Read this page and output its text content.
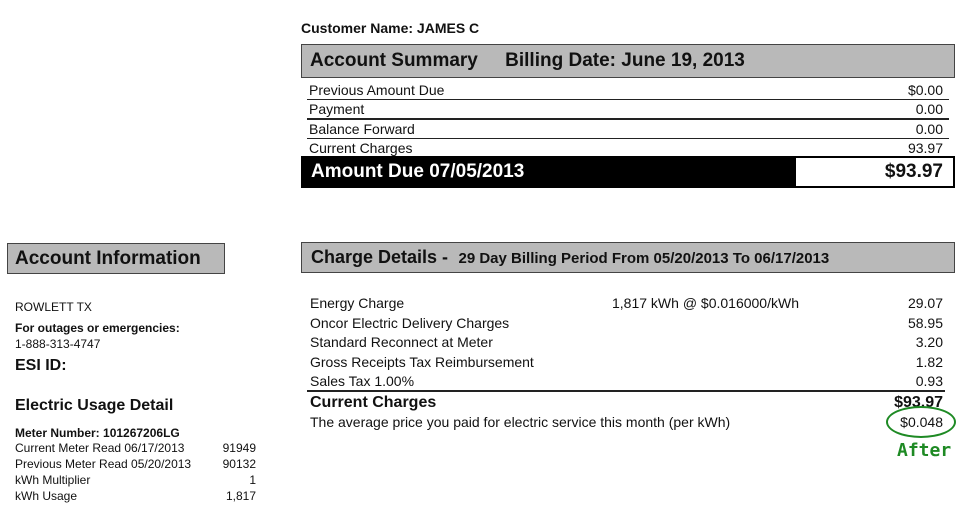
Customer Name: JAMES C
Account Summary Billing Date: June 19, 2013
Previous Amount Due	$0.00
Payment	0.00
Balance Forward	0.00
Current Charges	93.97
Amount Due 07/05/2013	$93.97
Account Information
ROWLETT TX
For outages or emergencies:
1-888-313-4747
ESI ID:
Electric Usage Detail
Meter Number: 101267206LG
Current Meter Read 06/17/2013	91949
Previous Meter Read 05/20/2013	90132
kWh Multiplier	1
kWh Usage	1,817
Charge Details - 29 Day Billing Period From 05/20/2013 To 06/17/2013
Energy Charge	1,817 kWh @ $0.016000/kWh	29.07
Oncor Electric Delivery Charges	58.95
Standard Reconnect at Meter	3.20
Gross Receipts Tax Reimbursement	1.82
Sales Tax 1.00%	0.93
Current Charges	$93.97
The average price you paid for electric service this month (per kWh)	$0.048
After
